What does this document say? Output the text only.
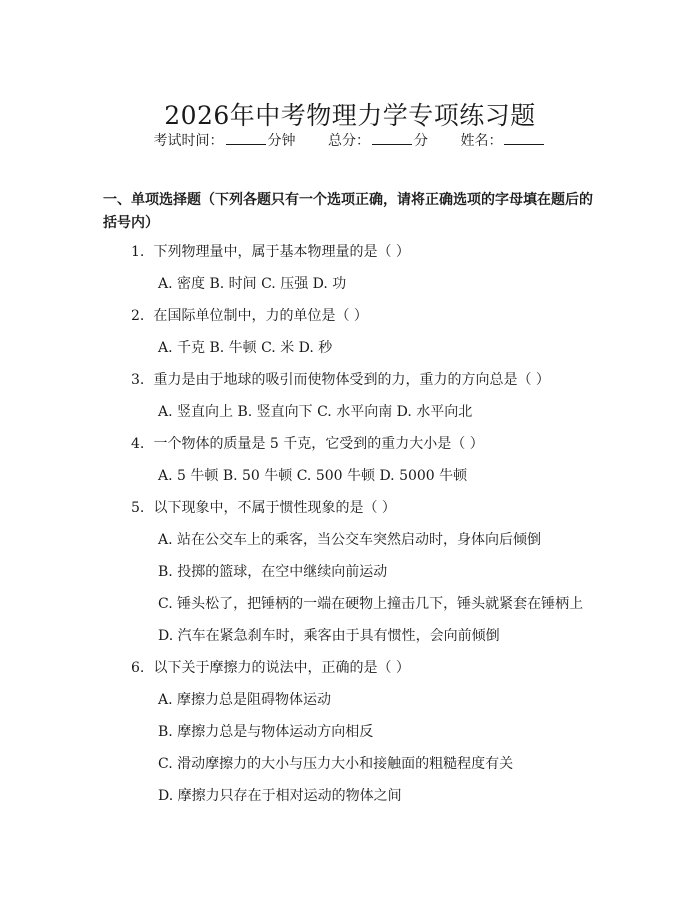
2026年中考物理力学专项练习题
考试时间：	分钟 总分：	分 姓名：
一、单项选择题（下列各题只有一个选项正确，请将正确选项的字母填在题后的括号内）
1. 下列物理量中，属于基本物理量的是（ ）
A. 密度 B. 时间 C. 压强 D. 功
2. 在国际单位制中，力的单位是（ ）
A. 千克 B. 牛顿 C. 米 D. 秒
3. 重力是由于地球的吸引而使物体受到的力，重力的方向总是（ ）
A. 竖直向上 B. 竖直向下 C. 水平向南 D. 水平向北
4. 一个物体的质量是 5 千克，它受到的重力大小是（ ）
A. 5 牛顿 B. 50 牛顿 C. 500 牛顿 D. 5000 牛顿
5. 以下现象中，不属于惯性现象的是（ ）
A. 站在公交车上的乘客，当公交车突然启动时，身体向后倾倒
B. 投掷的篮球，在空中继续向前运动
C. 锤头松了，把锤柄的一端在硬物上撞击几下，锤头就紧套在锤柄上
D. 汽车在紧急刹车时，乘客由于具有惯性，会向前倾倒
6. 以下关于摩擦力的说法中，正确的是（ ）
A. 摩擦力总是阻碍物体运动
B. 摩擦力总是与物体运动方向相反
C. 滑动摩擦力的大小与压力大小和接触面的粗糙程度有关
D. 摩擦力只存在于相对运动的物体之间
